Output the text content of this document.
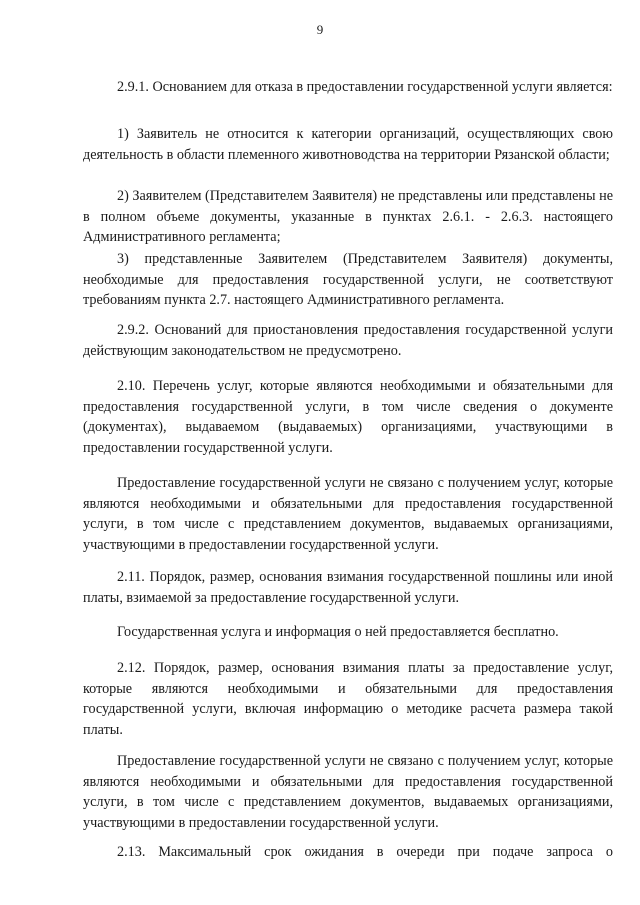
9

2.9.1. Основанием для отказа в предоставлении государственной услуги является:

1) Заявитель не относится к категории организаций, осуществляющих свою деятельность в области племенного животноводства на территории Рязанской области;

2) Заявителем (Представителем Заявителя) не представлены или представлены не в полном объеме документы, указанные в пунктах 2.6.1. - 2.6.3. настоящего Административного регламента;

3) представленные Заявителем (Представителем Заявителя) документы, необходимые для предоставления государственной услуги, не соответствуют требованиям пункта 2.7. настоящего Административного регламента.

2.9.2. Оснований для приостановления предоставления государственной услуги действующим законодательством не предусмотрено.

2.10. Перечень услуг, которые являются необходимыми и обязательными для предоставления государственной услуги, в том числе сведения о документе (документах), выдаваемом (выдаваемых) организациями, участвующими в предоставлении государственной услуги.

Предоставление государственной услуги не связано с получением услуг, которые являются необходимыми и обязательными для предоставления государственной услуги, в том числе с представлением документов, выдаваемых организациями, участвующими в предоставлении государственной услуги.

2.11. Порядок, размер, основания взимания государственной пошлины или иной платы, взимаемой за предоставление государственной услуги.

Государственная услуга и информация о ней предоставляется бесплатно.

2.12. Порядок, размер, основания взимания платы за предоставление услуг, которые являются необходимыми и обязательными для предоставления государственной услуги, включая информацию о методике расчета размера такой платы.

Предоставление государственной услуги не связано с получением услуг, которые являются необходимыми и обязательными для предоставления государственной услуги, в том числе с представлением документов, выдаваемых организациями, участвующими в предоставлении государственной услуги.

2.13. Максимальный срок ожидания в очереди при подаче запроса о
